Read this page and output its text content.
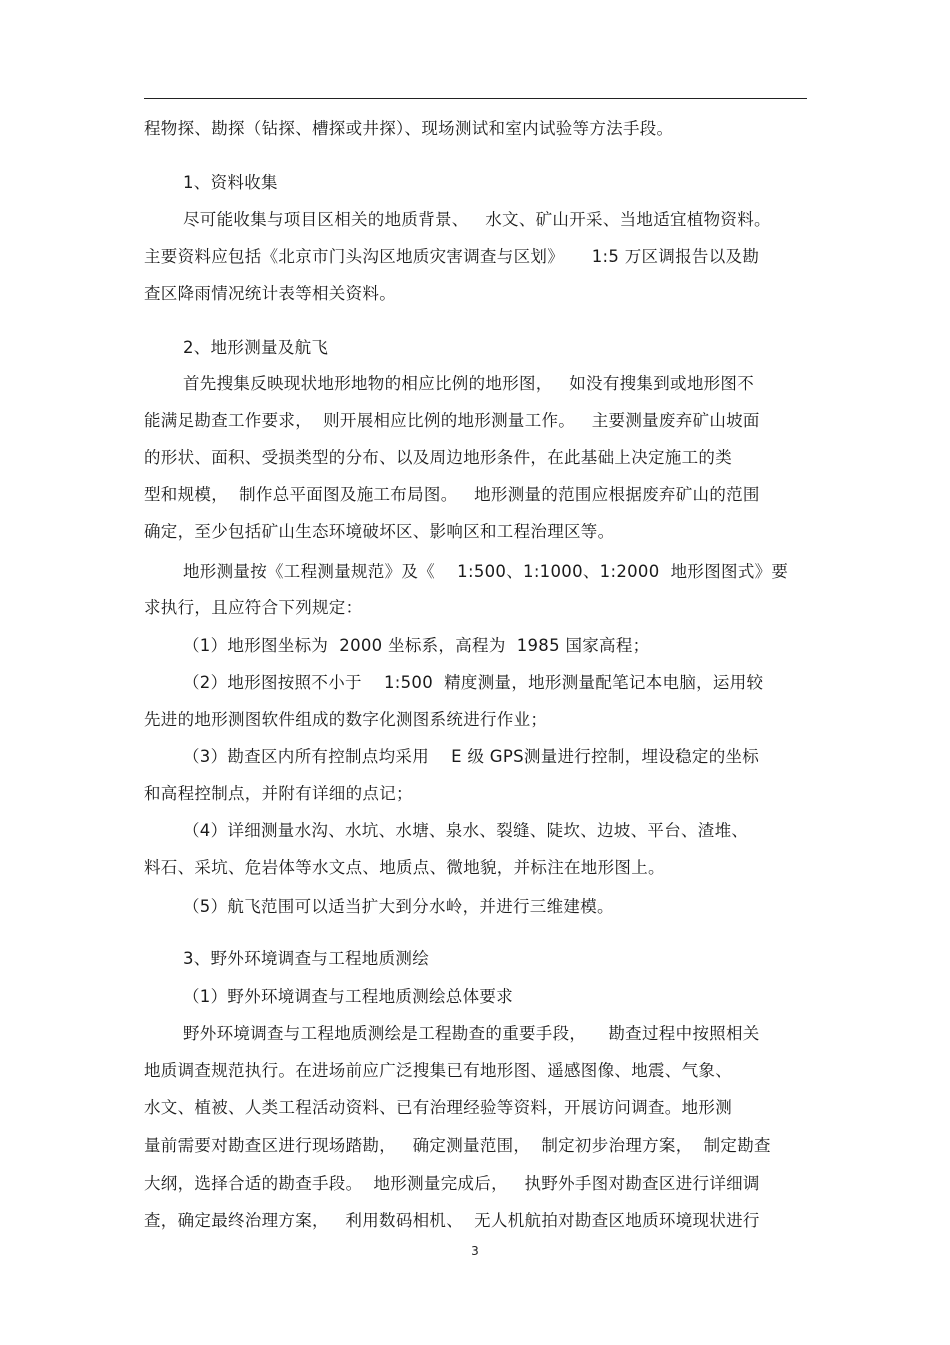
程物探、勘探（钻探、槽探或井探）、现场测试和室内试验等方法手段。
1、资料收集
尽可能收集与项目区相关的地质背景、   水文、矿山开采、当地适宜植物资料。
主要资料应包括《北京市门头沟区地质灾害调查与区划》     1:5 万区调报告以及勘
查区降雨情况统计表等相关资料。
2、地形测量及航飞
首先搜集反映现状地形地物的相应比例的地形图，   如没有搜集到或地形图不
能满足勘查工作要求，  则开展相应比例的地形测量工作。   主要测量废弃矿山坡面
的形状、面积、受损类型的分布、以及周边地形条件，在此基础上决定施工的类
型和规模，  制作总平面图及施工布局图。   地形测量的范围应根据废弃矿山的范围
确定，至少包括矿山生态环境破坏区、影响区和工程治理区等。
地形测量按《工程测量规范》及《    1:500、1:1000、1:2000  地形图图式》要
求执行，且应符合下列规定：
（1）地形图坐标为  2000 坐标系，高程为  1985 国家高程；
（2）地形图按照不小于    1:500  精度测量，地形测量配笔记本电脑，运用较
先进的地形测图软件组成的数字化测图系统进行作业；
（3）勘查区内所有控制点均采用    E 级 GPS测量进行控制，埋设稳定的坐标
和高程控制点，并附有详细的点记；
（4）详细测量水沟、水坑、水塘、泉水、裂缝、陡坎、边坡、平台、渣堆、
料石、采坑、危岩体等水文点、地质点、微地貌，并标注在地形图上。
（5）航飞范围可以适当扩大到分水岭，并进行三维建模。
3、野外环境调查与工程地质测绘
（1）野外环境调查与工程地质测绘总体要求
野外环境调查与工程地质测绘是工程勘查的重要手段，    勘查过程中按照相关
地质调查规范执行。在进场前应广泛搜集已有地形图、遥感图像、地震、气象、
水文、植被、人类工程活动资料、已有治理经验等资料，开展访问调查。地形测
量前需要对勘查区进行现场踏勘，   确定测量范围，  制定初步治理方案，  制定勘查
大纲，选择合适的勘查手段。  地形测量完成后，   执野外手图对勘查区进行详细调
查，确定最终治理方案，   利用数码相机、  无人机航拍对勘查区地质环境现状进行
3
